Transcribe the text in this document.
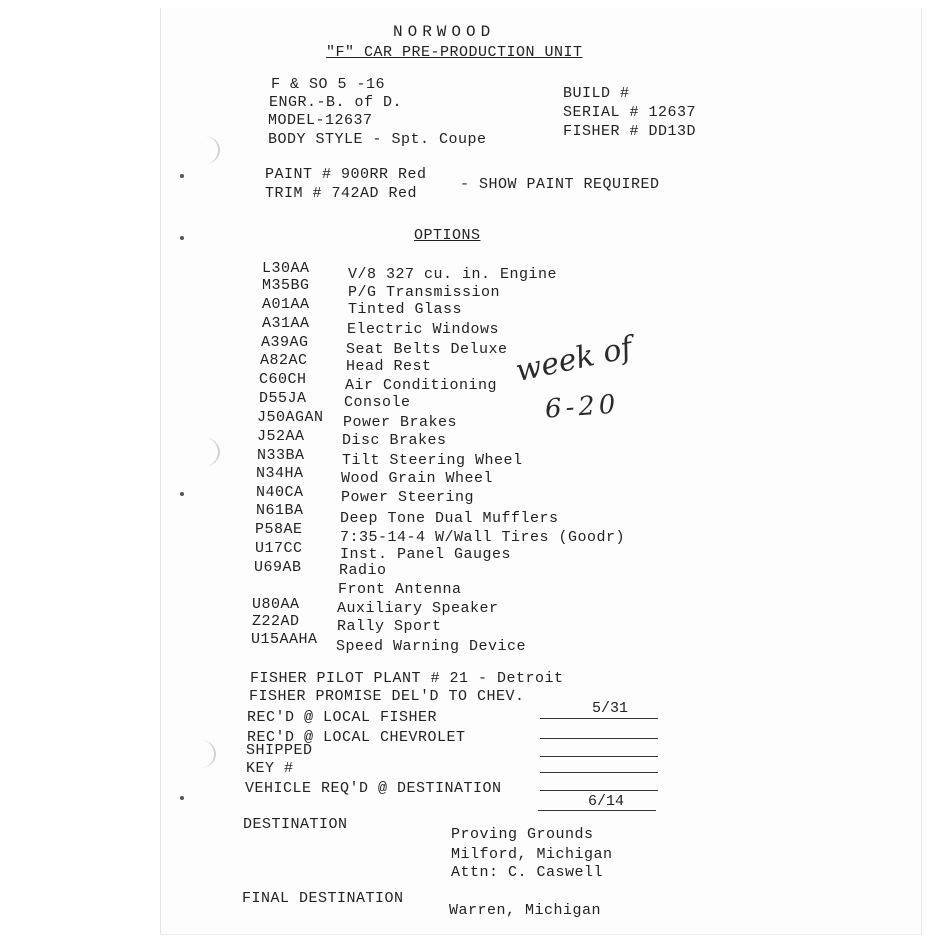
NORWOOD
"F" CAR PRE-PRODUCTION UNIT
F & SO 5 -16
ENGR.-B. of D.
MODEL-12637
BODY STYLE - Spt. Coupe
BUILD #
SERIAL # 12637
FISHER # DD13D
PAINT # 900RR Red
- SHOW PAINT REQUIRED
TRIM # 742AD Red
OPTIONS
L30AA	V/8 327 cu. in. Engine
M35BG	P/G Transmission
A01AA	Tinted Glass
A31AA Electric Windows
A39AG Seat Belts Deluxe
A82AC	Head Rest
C60CH	Air Conditioning
D55JA Console
J50AGAN Power Brakes
J52AA Disc Brakes
N33BA Tilt Steering Wheel
N34HA Wood Grain Wheel
N40CA Power Steering
N61BA Deep Tone Dual Mufflers
P58AE 7:35-14-4 W/Wall Tires (Goodr)
U17CC Inst. Panel Gauges
U69AB Radio
Front Antenna
U80AA Auxiliary Speaker
Z22AD Rally Sport
U15AAHA Speed Warning Device
week of
6-20
FISHER PILOT PLANT # 21 - Detroit
FISHER PROMISE DEL'D TO CHEV.
5/31
REC'D @ LOCAL FISHER
REC'D @ LOCAL CHEVROLET
SHIPPED
KEY #
VEHICLE REQ'D @ DESTINATION
6/14
DESTINATION
Proving Grounds
Milford, Michigan
Attn: C. Caswell
FINAL DESTINATION
Warren, Michigan
